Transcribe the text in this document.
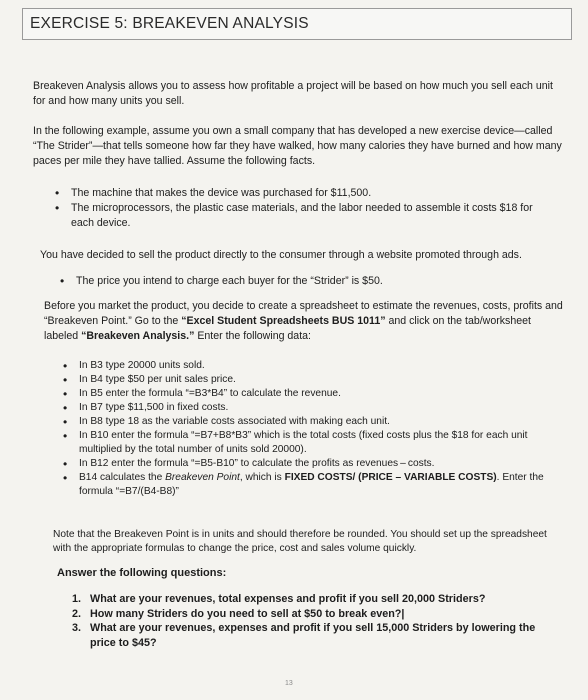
EXERCISE 5: BREAKEVEN ANALYSIS

Breakeven Analysis allows you to assess how profitable a project will be based on how much you sell each unit for and how many units you sell.

In the following example, assume you own a small company that has developed a new exercise device—called “The Strider”—that tells someone how far they have walked, how many calories they have burned and how many paces per mile they have tallied. Assume the following facts.

• The machine that makes the device was purchased for $11,500.
• The microprocessors, the plastic case materials, and the labor needed to assemble it costs $18 for each device.

You have decided to sell the product directly to the consumer through a website promoted through ads.

• The price you intend to charge each buyer for the “Strider” is $50.

Before you market the product, you decide to create a spreadsheet to estimate the revenues, costs, profits and “Breakeven Point.” Go to the “Excel Student Spreadsheets BUS 1011” and click on the tab/worksheet labeled “Breakeven Analysis.” Enter the following data:

• In B3 type 20000 units sold.
• In B4 type $50 per unit sales price.
• In B5 enter the formula “=B3*B4” to calculate the revenue.
• In B7 type $11,500 in fixed costs.
• In B8 type 18 as the variable costs associated with making each unit.
• In B10 enter the formula “=B7+B8*B3” which is the total costs (fixed costs plus the $18 for each unit multiplied by the total number of units sold 20000).
• In B12 enter the formula “=B5-B10” to calculate the profits as revenues – costs.
• B14 calculates the Breakeven Point, which is FIXED COSTS/ (PRICE – VARIABLE COSTS). Enter the formula “=B7/(B4-B8)”

Note that the Breakeven Point is in units and should therefore be rounded. You should set up the spreadsheet with the appropriate formulas to change the price, cost and sales volume quickly.

Answer the following questions:

1. What are your revenues, total expenses and profit if you sell 20,000 Striders?
2. How many Striders do you need to sell at $50 to break even?|
3. What are your revenues, expenses and profit if you sell 15,000 Striders by lowering the price to $45?
13
